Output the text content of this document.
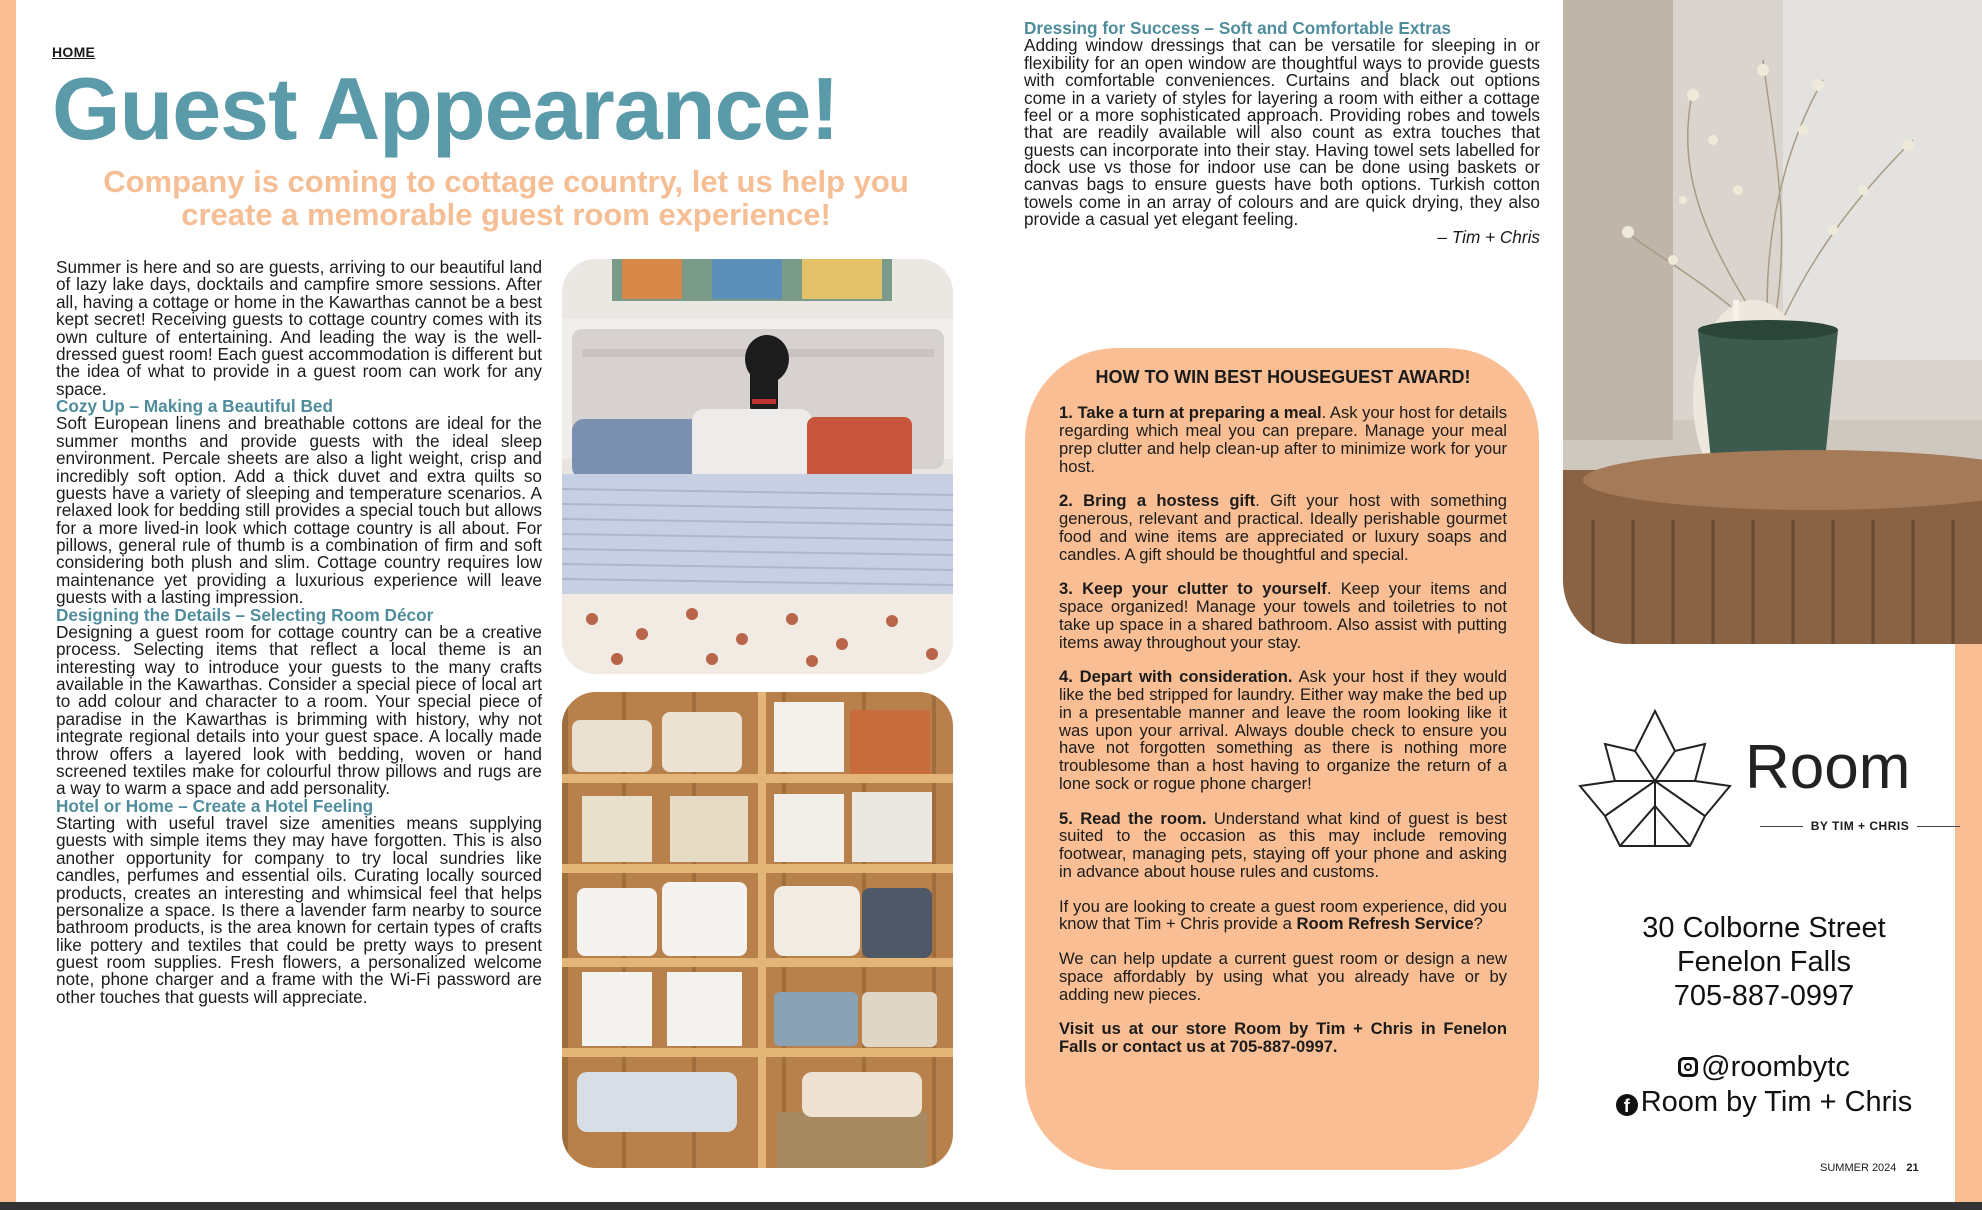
HOME
Guest Appearance!
Company is coming to cottage country, let us help you create a memorable guest room experience!

Summer is here and so are guests, arriving to our beautiful land of lazy lake days, docktails and campfire smore sessions. After all, having a cottage or home in the Kawarthas cannot be a best kept secret! Receiving guests to cottage country comes with its own culture of entertaining. And leading the way is the well-dressed guest room! Each guest accommodation is different but the idea of what to provide in a guest room can work for any space.

Cozy Up – Making a Beautiful Bed

Soft European linens and breathable cottons are ideal for the summer months and provide guests with the ideal sleep environment. Percale sheets are also a light weight, crisp and incredibly soft option. Add a thick duvet and extra quilts so guests have a variety of sleeping and temperature scenarios. A relaxed look for bedding still provides a special touch but allows for a more lived-in look which cottage country is all about. For pillows, general rule of thumb is a combination of firm and soft considering both plush and slim. Cottage country requires low maintenance yet providing a luxurious experience will leave guests with a lasting impression.

Designing the Details – Selecting Room Décor

Designing a guest room for cottage country can be a creative process. Selecting items that reflect a local theme is an interesting way to introduce your guests to the many crafts available in the Kawarthas. Consider a special piece of local art to add colour and character to a room. Your special piece of paradise in the Kawarthas is brimming with history, why not integrate regional details into your guest space. A locally made throw offers a layered look with bedding, woven or hand screened textiles make for colourful throw pillows and rugs are a way to warm a space and add personality.

Hotel or Home – Create a Hotel Feeling

Starting with useful travel size amenities means supplying guests with simple items they may have forgotten. This is also another opportunity for company to try local sundries like candles, perfumes and essential oils. Curating locally sourced products, creates an interesting and whimsical feel that helps personalize a space. Is there a lavender farm nearby to source bathroom products, is the area known for certain types of crafts like pottery and textiles that could be pretty ways to present guest room supplies. Fresh flowers, a personalized welcome note, phone charger and a frame with the Wi-Fi password are other touches that guests will appreciate.

Dressing for Success – Soft and Comfortable Extras

Adding window dressings that can be versatile for sleeping in or flexibility for an open window are thoughtful ways to provide guests with comfortable conveniences. Curtains and black out options come in a variety of styles for layering a room with either a cottage feel or a more sophisticated approach. Providing robes and towels that are readily available will also count as extra touches that guests can incorporate into their stay. Having towel sets labelled for dock use vs those for indoor use can be done using baskets or canvas bags to ensure guests have both options. Turkish cotton towels come in an array of colours and are quick drying, they also provide a casual yet elegant feeling.

– Tim + Chris

HOW TO WIN BEST HOUSEGUEST AWARD!

1. Take a turn at preparing a meal. Ask your host for details regarding which meal you can prepare. Manage your meal prep clutter and help clean-up after to minimize work for your host.

2. Bring a hostess gift. Gift your host with something generous, relevant and practical. Ideally perishable gourmet food and wine items are appreciated or luxury soaps and candles. A gift should be thoughtful and special.

3. Keep your clutter to yourself. Keep your items and space organized! Manage your towels and toiletries to not take up space in a shared bathroom. Also assist with putting items away throughout your stay.

4. Depart with consideration. Ask your host if they would like the bed stripped for laundry. Either way make the bed up in a presentable manner and leave the room looking like it was upon your arrival. Always double check to ensure you have not forgotten something as there is nothing more troublesome than a host having to organize the return of a lone sock or rogue phone charger!

5. Read the room. Understand what kind of guest is best suited to the occasion as this may include removing footwear, managing pets, staying off your phone and asking in advance about house rules and customs.

If you are looking to create a guest room experience, did you know that Tim + Chris provide a Room Refresh Service?

We can help update a current guest room or design a new space affordably by using what you already have or by adding new pieces.

Visit us at our store Room by Tim + Chris in Fenelon Falls or contact us at 705-887-0997.

Room
BY TIM + CHRIS
30 Colborne Street
Fenelon Falls
705-887-0997
@roombytc
f Room by Tim + Chris
SUMMER 2024 21
